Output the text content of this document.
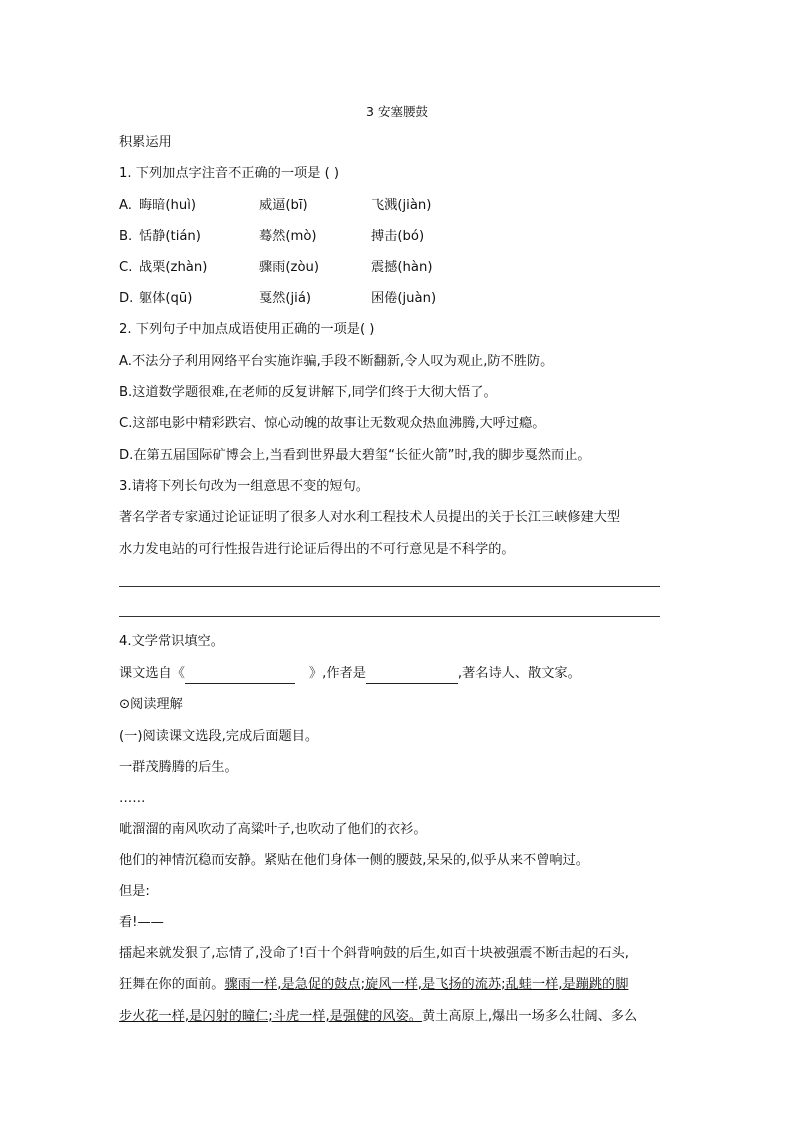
3 安塞腰鼓
积累运用
1. 下列加点字注音不正确的一项是 ( )
A. 晦暗(huì)	威逼(bī)	飞溅(jiàn)
B. 恬静(tián)	蓦然(mò)	搏击(bó)
C. 战栗(zhàn)	骤雨(zòu)	震撼(hàn)
D. 躯体(qū)	戛然(jiá)	困倦(juàn)
2. 下列句子中加点成语使用正确的一项是( )
A.不法分子利用网络平台实施诈骗,手段不断翻新,令人叹为观止,防不胜防。
B.这道数学题很难,在老师的反复讲解下,同学们终于大彻大悟了。
C.这部电影中精彩跌宕、惊心动魄的故事让无数观众热血沸腾,大呼过瘾。
D.在第五届国际矿博会上,当看到世界最大碧玺“长征火箭”时,我的脚步戛然而止。
3.请将下列长句改为一组意思不变的短句。
著名学者专家通过论证证明了很多人对水利工程技术人员提出的关于长江三峡修建大型
水力发电站的可行性报告进行论证后得出的不可行意见是不科学的。
4.文学常识填空。
课文选自《	》,作者是	,著名诗人、散文家。
⊙阅读理解
(一)阅读课文选段,完成后面题目。
一群茂腾腾的后生。
……
呲溜溜的南风吹动了高粱叶子,也吹动了他们的衣衫。
他们的神情沉稳而安静。紧贴在他们身体一侧的腰鼓,呆呆的,似乎从来不曾响过。
但是:
看!——
擂起来就发狠了,忘情了,没命了!百十个斜背响鼓的后生,如百十块被强震不断击起的石头,
狂舞在你的面前。骤雨一样,是急促的鼓点;旋风一样,是飞扬的流苏;乱蛙一样,是蹦跳的脚
步火花一样,是闪射的瞳仁;斗虎一样,是强健的风姿。黄土高原上,爆出一场多么壮阔、多么
